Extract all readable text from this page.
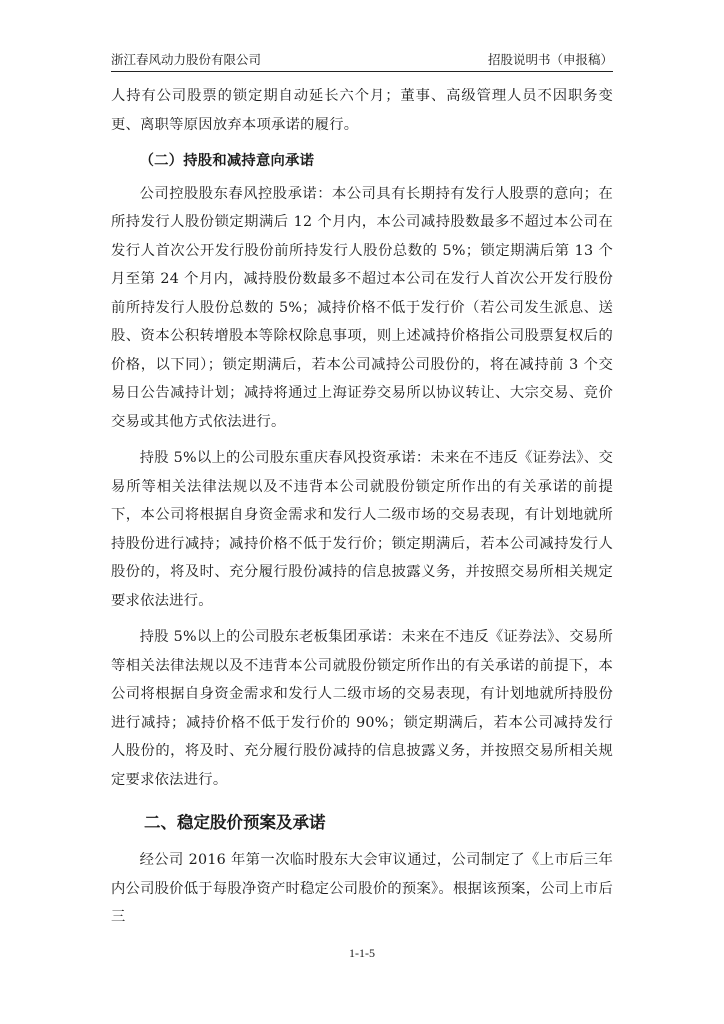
浙江春风动力股份有限公司	招股说明书（申报稿）

人持有公司股票的锁定期自动延长六个月；董事、高级管理人员不因职务变更、离职等原因放弃本项承诺的履行。

（二）持股和减持意向承诺

公司控股股东春风控股承诺：本公司具有长期持有发行人股票的意向；在所持发行人股份锁定期满后 12 个月内，本公司减持股数最多不超过本公司在发行人首次公开发行股份前所持发行人股份总数的 5%；锁定期满后第 13 个月至第 24 个月内，减持股份数最多不超过本公司在发行人首次公开发行股份前所持发行人股份总数的 5%；减持价格不低于发行价（若公司发生派息、送股、资本公积转增股本等除权除息事项，则上述减持价格指公司股票复权后的价格，以下同）；锁定期满后，若本公司减持公司股份的，将在减持前 3 个交易日公告减持计划；减持将通过上海证券交易所以协议转让、大宗交易、竞价交易或其他方式依法进行。

持股 5%以上的公司股东重庆春风投资承诺：未来在不违反《证券法》、交易所等相关法律法规以及不违背本公司就股份锁定所作出的有关承诺的前提下，本公司将根据自身资金需求和发行人二级市场的交易表现，有计划地就所持股份进行减持；减持价格不低于发行价；锁定期满后，若本公司减持发行人股份的，将及时、充分履行股份减持的信息披露义务，并按照交易所相关规定要求依法进行。

持股 5%以上的公司股东老板集团承诺：未来在不违反《证券法》、交易所等相关法律法规以及不违背本公司就股份锁定所作出的有关承诺的前提下，本公司将根据自身资金需求和发行人二级市场的交易表现，有计划地就所持股份进行减持；减持价格不低于发行价的 90%；锁定期满后，若本公司减持发行人股份的，将及时、充分履行股份减持的信息披露义务，并按照交易所相关规定要求依法进行。

二、稳定股价预案及承诺

经公司 2016 年第一次临时股东大会审议通过，公司制定了《上市后三年内公司股价低于每股净资产时稳定公司股价的预案》。根据该预案，公司上市后三

1-1-5
